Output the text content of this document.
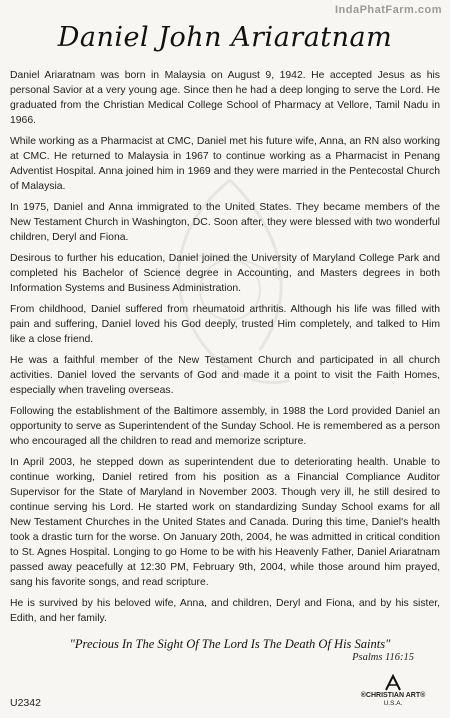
IndaPhatFarm.com
Daniel John Ariaratnam

Daniel Ariaratnam was born in Malaysia on August 9, 1942. He accepted Jesus as his personal Savior at a very young age. Since then he had a deep longing to serve the Lord. He graduated from the Christian Medical College School of Pharmacy at Vellore, Tamil Nadu in 1966.

While working as a Pharmacist at CMC, Daniel met his future wife, Anna, an RN also working at CMC. He returned to Malaysia in 1967 to continue working as a Pharmacist in Penang Adventist Hospital. Anna joined him in 1969 and they were married in the Pentecostal Church of Malaysia.

In 1975, Daniel and Anna immigrated to the United States. They became members of the New Testament Church in Washington, DC. Soon after, they were blessed with two wonderful children, Deryl and Fiona.

Desirous to further his education, Daniel joined the University of Maryland College Park and completed his Bachelor of Science degree in Accounting, and Masters degrees in both Information Systems and Business Administration.

From childhood, Daniel suffered from rheumatoid arthritis. Although his life was filled with pain and suffering, Daniel loved his God deeply, trusted Him completely, and talked to Him like a close friend.

He was a faithful member of the New Testament Church and participated in all church activities. Daniel loved the servants of God and made it a point to visit the Faith Homes, especially when traveling overseas.

Following the establishment of the Baltimore assembly, in 1988 the Lord provided Daniel an opportunity to serve as Superintendent of the Sunday School. He is remembered as a person who encouraged all the children to read and memorize scripture.

In April 2003, he stepped down as superintendent due to deteriorating health. Unable to continue working, Daniel retired from his position as a Financial Compliance Auditor Supervisor for the State of Maryland in November 2003. Though very ill, he still desired to continue serving his Lord. He started work on standardizing Sunday School exams for all New Testament Churches in the United States and Canada. During this time, Daniel's health took a drastic turn for the worse. On January 20th, 2004, he was admitted in critical condition to St. Agnes Hospital. Longing to go Home to be with his Heavenly Father, Daniel Ariaratnam passed away peacefully at 12:30 PM, February 9th, 2004, while those around him prayed, sang his favorite songs, and read scripture.

He is survived by his beloved wife, Anna, and children, Deryl and Fiona, and by his sister, Edith, and her family.

"Precious In The Sight Of The Lord Is The Death Of His Saints"
Psalms 116:15
U2342
®CHRISTIAN ART®
U.S.A.
